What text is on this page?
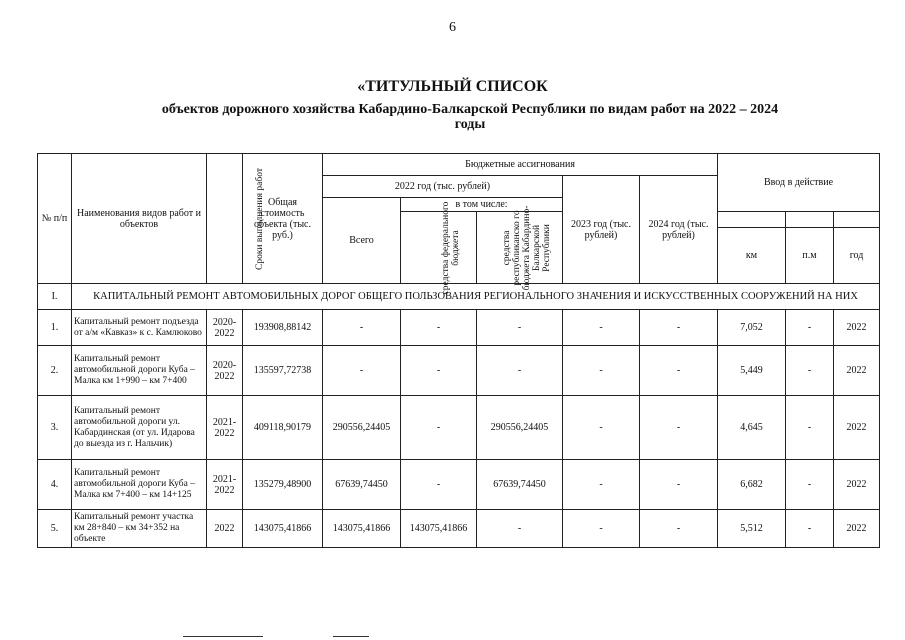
6
«ТИТУЛЬНЫЙ СПИСОК
объектов дорожного хозяйства Кабардино-Балкарской Республики по видам работ на 2022 – 2024 годы
№ п/п	Наименования видов работ и объектов	Сроки выполнения работ	Общая стоимость объекта (тыс. руб.)	Бюджетные ассигнования					Ввод в действие		
				2022 год (тыс. рублей)			2023 год (тыс. рублей)	2024 год (тыс. рублей)			
				Всего	в том числе:						
					средства федерального бюджета	средства республиканско го бюджета Кабардино- Балкарской Республики					
									км	п.м	год
I.	КАПИТАЛЬНЫЙ РЕМОНТ АВТОМОБИЛЬНЫХ ДОРОГ ОБЩЕГО ПОЛЬЗОВАНИЯ РЕГИОНАЛЬНОГО ЗНАЧЕНИЯ И ИСКУССТВЕННЫХ СООРУЖЕНИЙ НА НИХ										
1.	Капитальный ремонт подъезда от а/м «Кавказ» к с. Камлюково	2020-2022	193908,88142	-	-	-	-	-	7,052	-	2022
2.	Капитальный ремонт автомобильной дороги Куба – Малка км 1+990 – км 7+400	2020-2022	135597,72738	-	-	-	-	-	5,449	-	2022
3.	Капитальный ремонт автомобильной дороги ул. Кабардинская (от ул. Идарова до выезда из г. Нальчик)	2021-2022	409118,90179	290556,24405	-	290556,24405	-	-	4,645	-	2022
4.	Капитальный ремонт автомобильной дороги Куба – Малка км 7+400 – км 14+125	2021-2022	135279,48900	67639,74450	-	67639,74450	-	-	6,682	-	2022
5.	Капитальный ремонт участка км 28+840 – км 34+352 на объекте	2022	143075,41866	143075,41866	143075,41866	-	-	-	5,512	-	2022
